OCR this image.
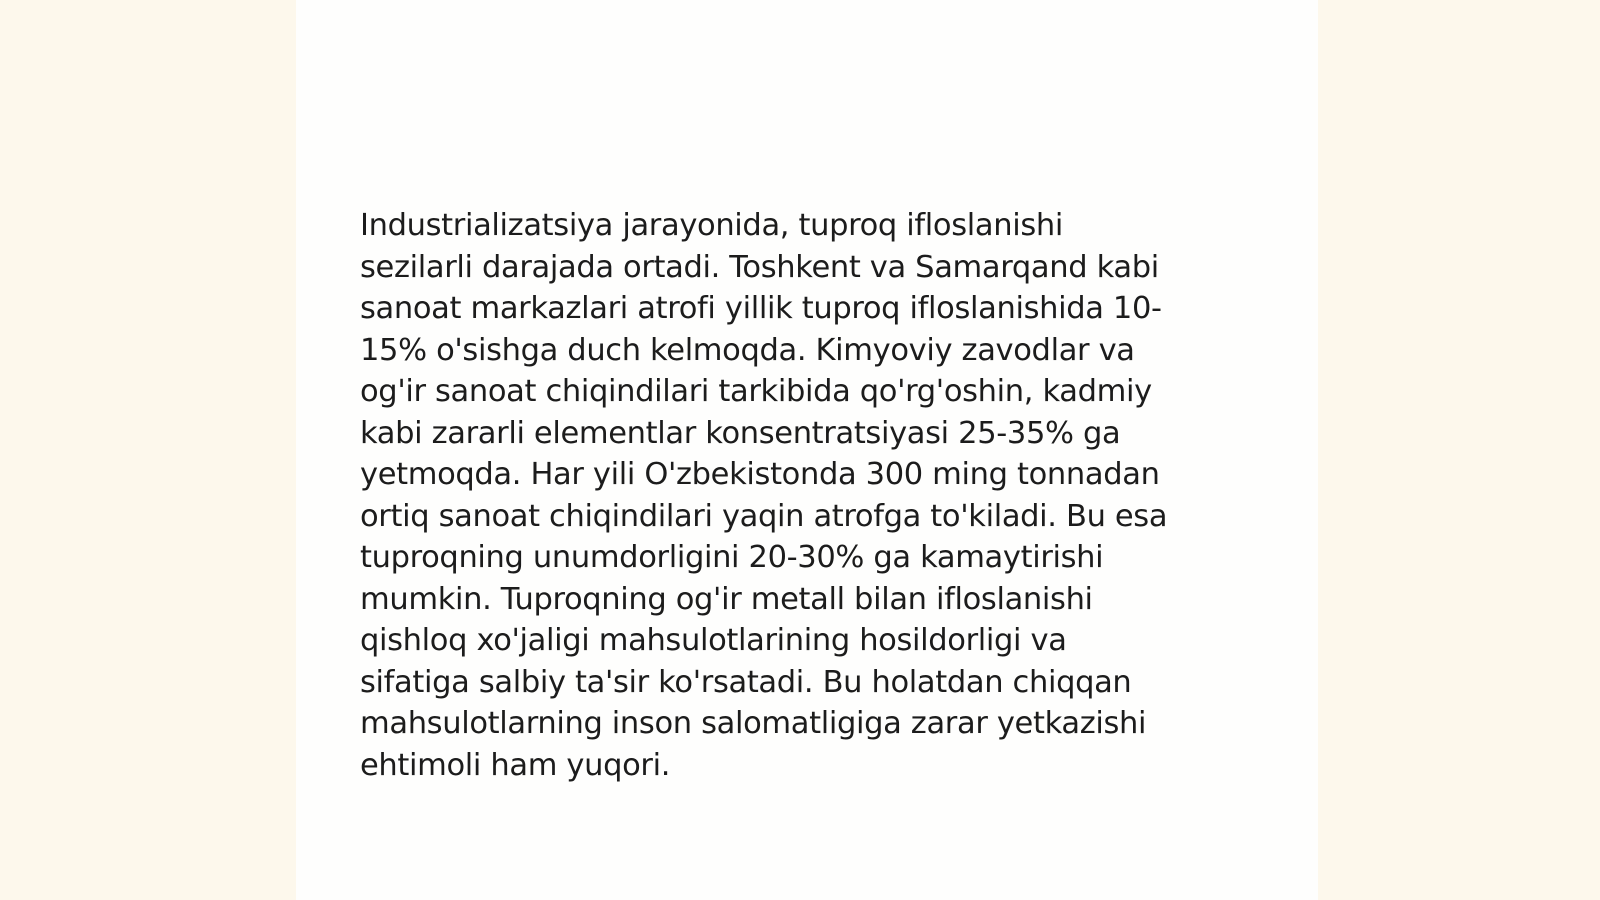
Industrializatsiya jarayonida, tuproq ifloslanishi
sezilarli darajada ortadi. Toshkent va Samarqand kabi
sanoat markazlari atrofi yillik tuproq ifloslanishida 10-
15% o'sishga duch kelmoqda. Kimyoviy zavodlar va
og'ir sanoat chiqindilari tarkibida qo'rg'oshin, kadmiy
kabi zararli elementlar konsentratsiyasi 25-35% ga
yetmoqda. Har yili O'zbekistonda 300 ming tonnadan
ortiq sanoat chiqindilari yaqin atrofga to'kiladi. Bu esa
tuproqning unumdorligini 20-30% ga kamaytirishi
mumkin. Tuproqning og'ir metall bilan ifloslanishi
qishloq xo'jaligi mahsulotlarining hosildorligi va
sifatiga salbiy ta'sir ko'rsatadi. Bu holatdan chiqqan
mahsulotlarning inson salomatligiga zarar yetkazishi
ehtimoli ham yuqori.
